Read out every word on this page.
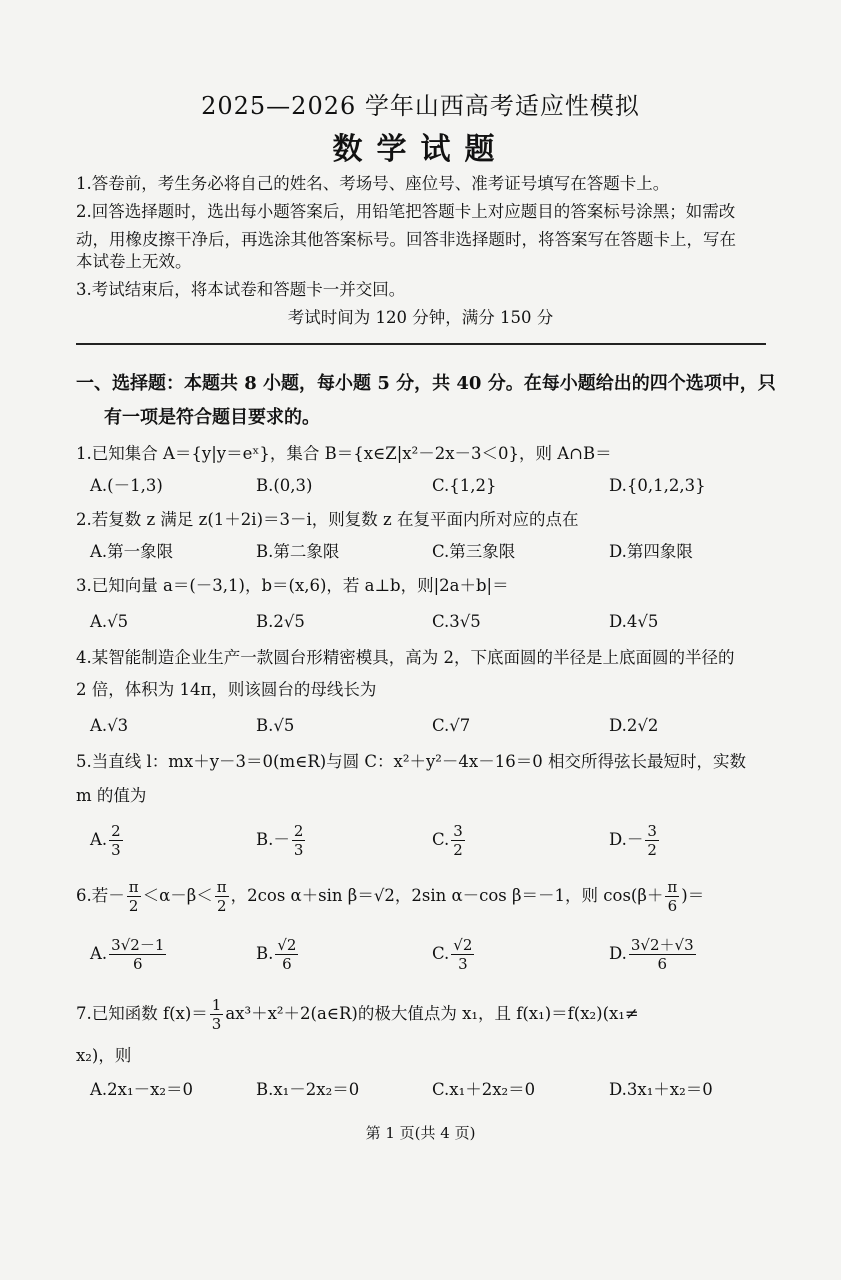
2025—2026 学年山西高考适应性模拟
数学试题
1.答卷前，考生务必将自己的姓名、考场号、座位号、准考证号填写在答题卡上。
2.回答选择题时，选出每小题答案后，用铅笔把答题卡上对应题目的答案标号涂黑；如需改
动，用橡皮擦干净后，再选涂其他答案标号。回答非选择题时，将答案写在答题卡上，写在
本试卷上无效。
3.考试结束后，将本试卷和答题卡一并交回。
考试时间为 120 分钟，满分 150 分
一、选择题：本题共 8 小题，每小题 5 分，共 40 分。在每小题给出的四个选项中，只
有一项是符合题目要求的。
1.已知集合 A＝{y|y＝eˣ}，集合 B＝{x∈Z|x²－2x－3＜0}，则 A∩B＝
A.(－1,3)	B.(0,3)	C.{1,2}	D.{0,1,2,3}
2.若复数 z 满足 z(1＋2i)＝3－i，则复数 z 在复平面内所对应的点在
A.第一象限	B.第二象限	C.第三象限	D.第四象限
3.已知向量 a＝(－3,1)，b＝(x,6)，若 a⊥b，则|2a＋b|＝
A.√5	B.2√5	C.3√5	D.4√5
4.某智能制造企业生产一款圆台形精密模具，高为 2，下底面圆的半径是上底面圆的半径的
2 倍，体积为 14π，则该圆台的母线长为
A.√3	B.√5	C.√7	D.2√2
5.当直线 l：mx＋y－3＝0(m∈R)与圆 C：x²＋y²－4x－16＝0 相交所得弦长最短时，实数
m 的值为
A. $\frac{2}{3}$	$B.- \frac{2}{3}$	C. $\frac{3}{2}$	$D.- \frac{3}{2}$
6.若－ $\frac{\pi}{2} <\alpha-\beta< \frac{\pi}{2}$ ，2cos α＋sin β＝√2，2sin α－cos β＝－1，则 $\cos(\beta+ \frac{\pi}{6}$ )＝
A. $\frac{3√2-1}{6}$	B. $\frac{√2}{6}$	C. $\frac{√2}{3}$	D. $\frac{3√2+√3}{6}$
7.已知函数 $f(x)= \frac{1}{3}$ ax³＋x²＋2(a∈R)的极大值点为 x₁，且 f(x₁)＝f(x₂)(x₁≠
x₂)，则
A.2x₁－x₂＝0	B.x₁－2x₂＝0	C.x₁＋2x₂＝0	D.3x₁＋x₂＝0
第 1 页(共 4 页)
